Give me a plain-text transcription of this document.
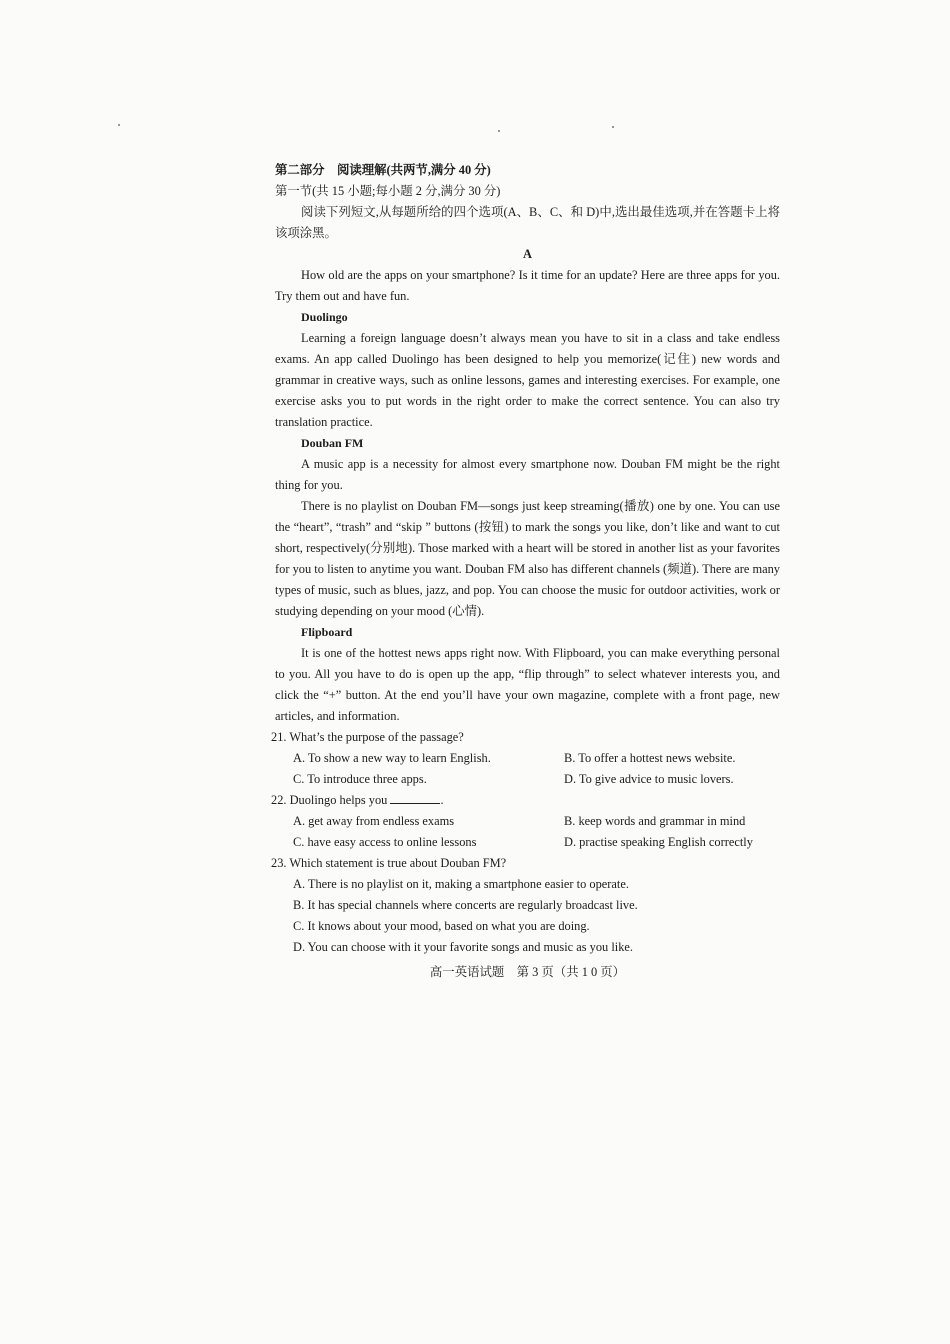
第二部分　阅读理解(共两节,满分 40 分)

第一节(共 15 小题;每小题 2 分,满分 30 分)

阅读下列短文,从每题所给的四个选项(A、B、C、和 D)中,选出最佳选项,并在答题卡上将该项涂黑。

A

How old are the apps on your smartphone? Is it time for an update? Here are three apps for you. Try them out and have fun.

Duolingo

Learning a foreign language doesn’t always mean you have to sit in a class and take endless exams. An app called Duolingo has been designed to help you memorize(记住) new words and grammar in creative ways, such as online lessons, games and interesting exercises. For example, one exercise asks you to put words in the right order to make the correct sentence. You can also try translation practice.

Douban FM

A music app is a necessity for almost every smartphone now. Douban FM might be the right thing for you.

There is no playlist on Douban FM—songs just keep streaming(播放) one by one. You can use the “heart”, “trash” and “skip ” buttons (按钮) to mark the songs you like, don’t like and want to cut short, respectively(分别地). Those marked with a heart will be stored in another list as your favorites for you to listen to anytime you want. Douban FM also has different channels (频道). There are many types of music, such as blues, jazz, and pop. You can choose the music for outdoor activities, work or studying depending on your mood (心情).

Flipboard

It is one of the hottest news apps right now. With Flipboard, you can make everything personal to you. All you have to do is open up the app, “flip through” to select whatever interests you, and click the “+” button. At the end you’ll have your own magazine, complete with a front page, new articles, and information.

21. What’s the purpose of the passage?

A. To show a new way to learn English.	B. To offer a hottest news website.
C. To introduce three apps.	D. To give advice to music lovers.

22. Duolingo helps you	.

A. get away from endless exams	B. keep words and grammar in mind
C. have easy access to online lessons	D. practise speaking English correctly

23. Which statement is true about Douban FM?

A. There is no playlist on it, making a smartphone easier to operate.

B. It has special channels where concerts are regularly broadcast live.

C. It knows about your mood, based on what you are doing.

D. You can choose with it your favorite songs and music as you like.

高一英语试题　第 3 页（共 1 0 页）
